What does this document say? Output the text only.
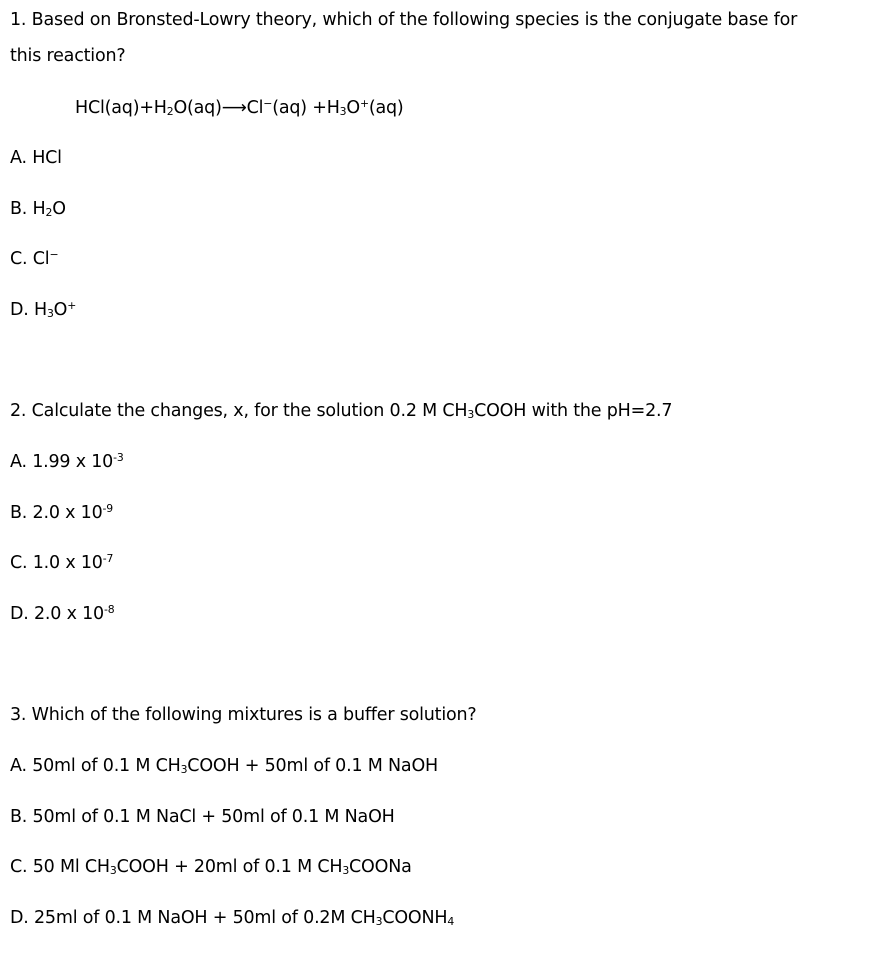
1. Based on Bronsted-Lowry theory, which of the following species is the conjugate base for
this reaction?
$HCl(aq)+H_2O(aq)⟶Cl^-(aq) +H_3O^+(aq)$
A. HCl
B. $H_2O$
C. Cl−
D. $H_3O^+$
2. Calculate the changes, x, for the solution 0.2 M $CH_3COOH$ with the pH=2.7
A. 1.99 x $10^{-3}$
B. 2.0 x $10^{-9}$
C. 1.0 x $10^{-7}$
D. 2.0 x $10^{-8}$
3. Which of the following mixtures is a buffer solution?
A. 50ml of 0.1 M $CH_3COOH + 50ml$ of 0.1 M NaOH
B. 50ml of 0.1 M NaCl + 50ml of 0.1 M NaOH
C. 50 Ml $CH_3COOH + 20ml$ of 0.1 M $CH_3COONa$
D. 25ml of 0.1 M NaOH + 50ml of 0.2M $CH_3COONH_4$
